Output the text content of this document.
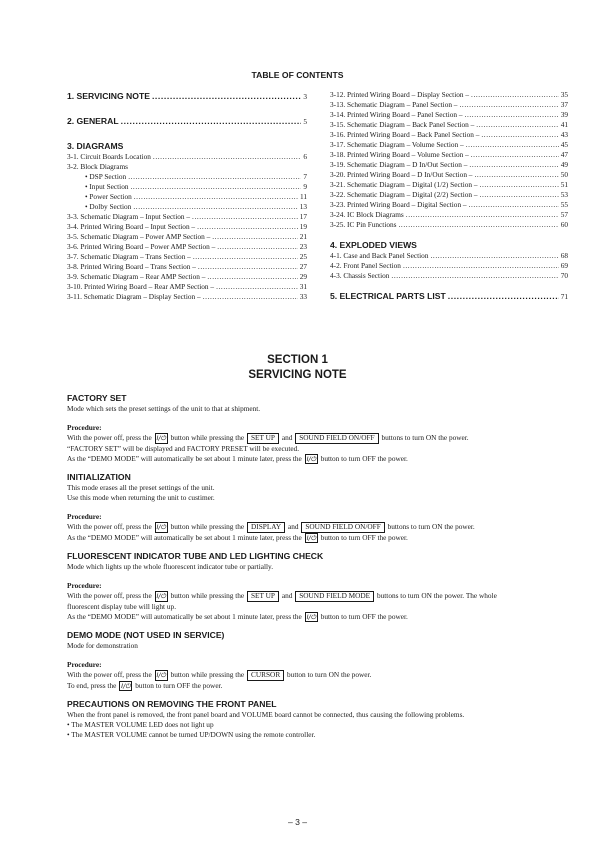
TABLE OF CONTENTS
1. SERVICING NOTE .....	3
2. GENERAL .....	5
3. DIAGRAMS
3-1. Circuit Boards Location .....	6
3-2. Block Diagrams
• DSP Section .....	7
• Input Section .....	9
• Power Section .....	11
• Dolby Section .....	13
3-3. Schematic Diagram – Input Section – .....	17
3-4. Printed Wiring Board – Input Section – .....	19
3-5. Schematic Diagram – Power AMP Section – .....	21
3-6. Printed Wiring Board – Power AMP Section – .....	23
3-7. Schematic Diagram – Trans Section – .....	25
3-8. Printed Wiring Board – Trans Section – .....	27
3-9. Schematic Diagram – Rear AMP Section – .....	29
3-10. Printed Wiring Board – Rear AMP Section – .....	31
3-11. Schematic Diagram – Display Section – .....	33
3-12. Printed Wiring Board – Display Section – .....	35
3-13. Schematic Diagram – Panel Section – .....	37
3-14. Printed Wiring Board – Panel Section – .....	39
3-15. Schematic Diagram – Back Panel Section – .....	41
3-16. Printed Wiring Board – Back Panel Section – .....	43
3-17. Schematic Diagram – Volume Section – .....	45
3-18. Printed Wiring Board – Volume Section – .....	47
3-19. Schematic Diagram – D In/Out Section – .....	49
3-20. Printed Wiring Board – D In/Out Section – .....	50
3-21. Schematic Diagram – Digital (1/2) Section – .....	51
3-22. Schematic Diagram – Digital (2/2) Section – .....	53
3-23. Printed Wiring Board – Digital Section – .....	55
3-24. IC Block Diagrams .....	57
3-25. IC Pin Functions .....	60
4. EXPLODED VIEWS
4-1. Case and Back Panel Section .....	68
4-2. Front Panel Section .....	69
4-3. Chassis Section .....	70
5. ELECTRICAL PARTS LIST .....	71
SECTION 1
SERVICING NOTE
FACTORY SET

Mode which sets the preset settings of the unit to that at shipment.

Procedure:

With the power off, press the I/⏻ button while pressing the SET UP and SOUND FIELD ON/OFF buttons to turn ON the power.

“FACTORY SET” will be displayed and FACTORY PRESET will be executed.

As the “DEMO MODE” will automatically be set about 1 minute later, press the I/⏻ button to turn OFF the power.

INITIALIZATION

This mode erases all the preset settings of the unit.

Use this mode when returning the unit to custimer.

Procedure:

With the power off, press the I/⏻ button while pressing the DISPLAY and SOUND FIELD ON/OFF buttons to turn ON the power.

As the “DEMO MODE” will automatically be set about 1 minute later, press the I/⏻ button to turn OFF the power.

FLUORESCENT INDICATOR TUBE AND LED LIGHTING CHECK

Mode which lights up the whole fluorescent indicator tube or partially.

Procedure:

With the power off, press the I/⏻ button while pressing the SET UP and SOUND FIELD MODE buttons to turn ON the power. The whole

fluorescent display tube will light up.

As the “DEMO MODE” will automatically be set about 1 minute later, press the I/⏻ button to turn OFF the power.

DEMO MODE (NOT USED IN SERVICE)

Mode for demonstration

Procedure:

With the power off, press the I/⏻ button while pressing the CURSOR button to turn ON the power.

To end, press the I/⏻ button to turn OFF the power.

PRECAUTIONS ON REMOVING THE FRONT PANEL

When the front panel is removed, the front panel board and VOLUME board cannot be connected, thus causing the following problems.

• The MASTER VOLUME LED does not light up

• The MASTER VOLUME cannot be turned UP/DOWN using the remote controller.

– 3 –
